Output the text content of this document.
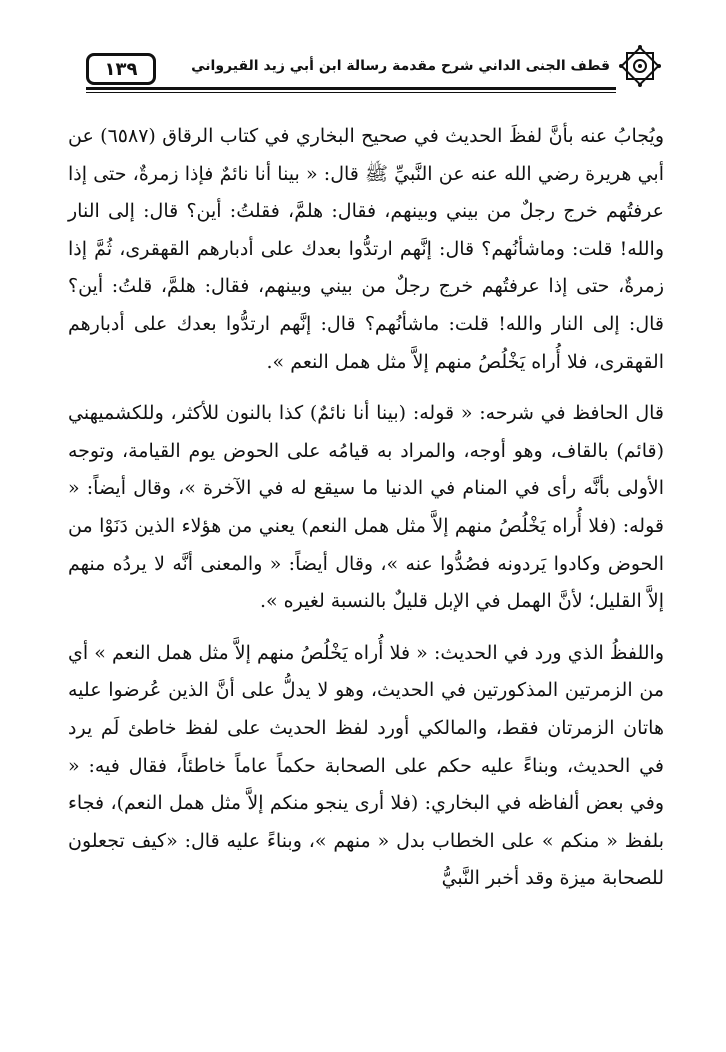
قطف الجنى الداني شرح مقدمة رسالة ابن أبي زيد القيرواني
١٣٩

ويُجابُ عنه بأنَّ لفظَ الحديث في صحيح البخاري في كتاب الرقاق (٦٥٨٧) عن أبي هريرة رضي الله عنه عن النَّبيِّ ﷺ قال: « بينا أنا نائمٌ فإذا زمرةٌ، حتى إذا عرفتُهم خرج رجلٌ من بيني وبينهم، فقال: هلمَّ، فقلتُ: أين؟ قال: إلى النار والله! قلت: وماشأنُهم؟ قال: إنَّهم ارتدُّوا بعدك على أدبارهم القهقرى، ثُمَّ إذا زمرةٌ، حتى إذا عرفتُهم خرج رجلٌ من بيني وبينهم، فقال: هلمَّ، قلتُ: أين؟ قال: إلى النار والله! قلت: ماشأنُهم؟ قال: إنَّهم ارتدُّوا بعدك على أدبارهم القهقرى، فلا أُراه يَخْلُصُ منهم إلاَّ مثل همل النعم ».

قال الحافظ في شرحه: « قوله: (بينا أنا نائمٌ) كذا بالنون للأكثر، وللكشميهني (قائم) بالقاف، وهو أوجه، والمراد به قيامُه على الحوض يوم القيامة، وتوجه الأولى بأنَّه رأى في المنام في الدنيا ما سيقع له في الآخرة »، وقال أيضاً: « قوله: (فلا أُراه يَخْلُصُ منهم إلاَّ مثل همل النعم) يعني من هؤلاء الذين دَنَوْا من الحوض وكادوا يَردونه فصُدُّوا عنه »، وقال أيضاً: « والمعنى أنَّه لا يردُه منهم إلاَّ القليل؛ لأنَّ الهمل في الإبل قليلٌ بالنسبة لغيره ».

واللفظُ الذي ورد في الحديث: « فلا أُراه يَخْلُصُ منهم إلاَّ مثل همل النعم » أي من الزمرتين المذكورتين في الحديث، وهو لا يدلُّ على أنَّ الذين عُرضوا عليه هاتان الزمرتان فقط، والمالكي أورد لفظ الحديث على لفظ خاطئ لَم يرد في الحديث، وبناءً عليه حكم على الصحابة حكماً عاماً خاطئاً، فقال فيه: « وفي بعض ألفاظه في البخاري: (فلا أرى ينجو منكم إلاَّ مثل همل النعم)، فجاء بلفظ « منكم » على الخطاب بدل « منهم »، وبناءً عليه قال: «كيف تجعلون للصحابة ميزة وقد أخبر النَّبيُّ
